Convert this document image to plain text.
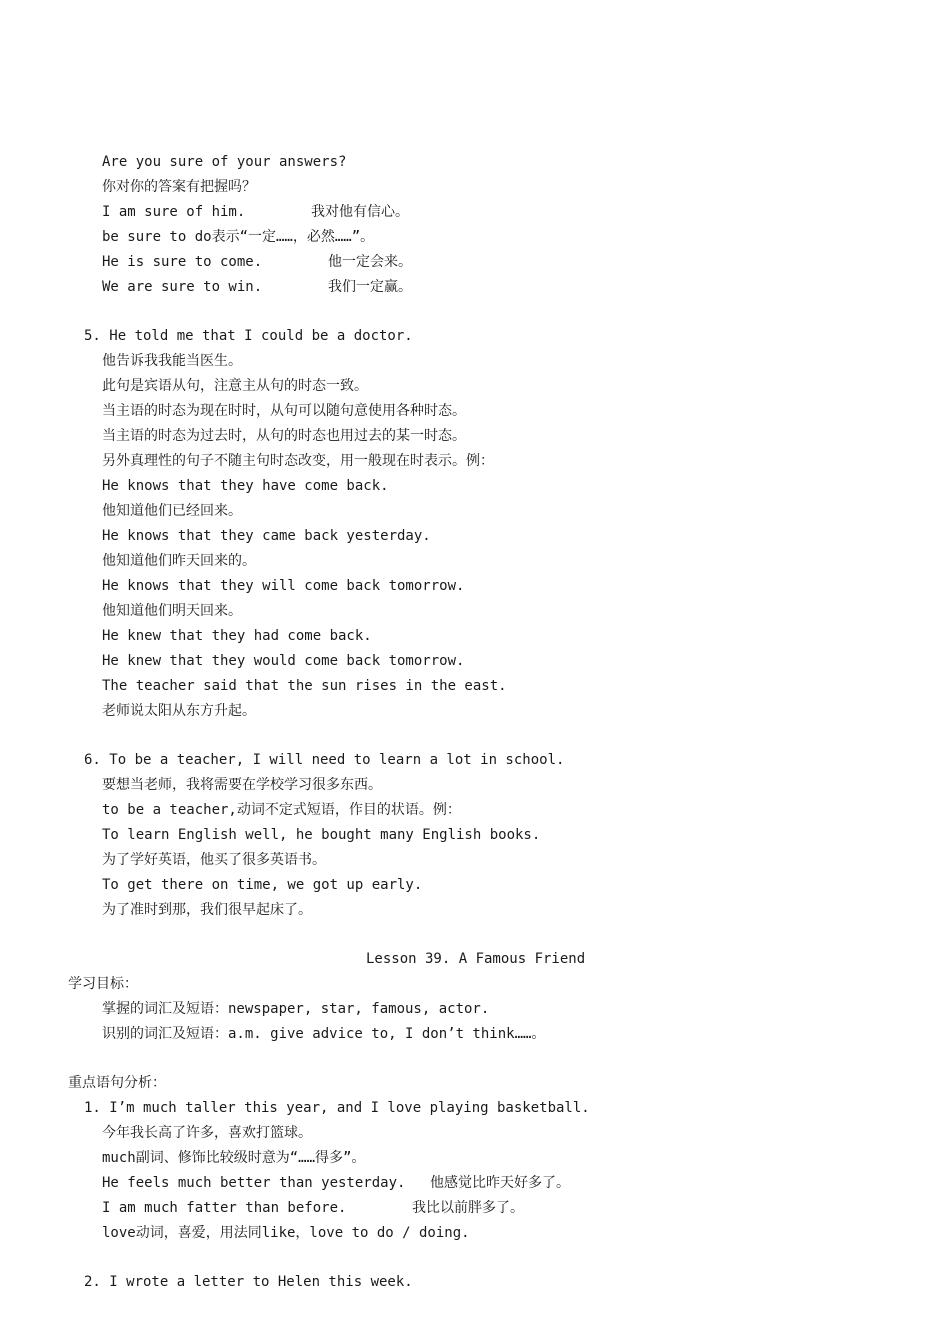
Are you sure of your answers?
你对你的答案有把握吗？
I am sure of him.	我对他有信心。
be sure to do表示“一定……，必然……”。
He is sure to come.	他一定会来。
We are sure to win.	我们一定赢。
5. He told me that I could be a doctor.
他告诉我我能当医生。
此句是宾语从句，注意主从句的时态一致。
当主语的时态为现在时时，从句可以随句意使用各种时态。
当主语的时态为过去时，从句的时态也用过去的某一时态。
另外真理性的句子不随主句时态改变，用一般现在时表示。例：
He knows that they have come back.
他知道他们已经回来。
He knows that they came back yesterday.
他知道他们昨天回来的。
He knows that they will come back tomorrow.
他知道他们明天回来。
He knew that they had come back.
He knew that they would come back tomorrow.
The teacher said that the sun rises in the east.
老师说太阳从东方升起。
6. To be a teacher, I will need to learn a lot in school.
要想当老师，我将需要在学校学习很多东西。
to be a teacher,动词不定式短语，作目的状语。例：
To learn English well, he bought many English books.
为了学好英语，他买了很多英语书。
To get there on time, we got up early.
为了准时到那，我们很早起床了。
Lesson 39. A Famous Friend
学习目标：
掌握的词汇及短语：newspaper, star, famous, actor.
识别的词汇及短语：a.m. give advice to, I don’t think……。
重点语句分析：
1. I’m much taller this year, and I love playing basketball.
今年我长高了许多，喜欢打篮球。
much副词、修饰比较级时意为“……得多”。
He feels much better than yesterday. 他感觉比昨天好多了。
I am much fatter than before.	我比以前胖多了。
love动词，喜爱，用法同like，love to do / doing.
2. I wrote a letter to Helen this week.
